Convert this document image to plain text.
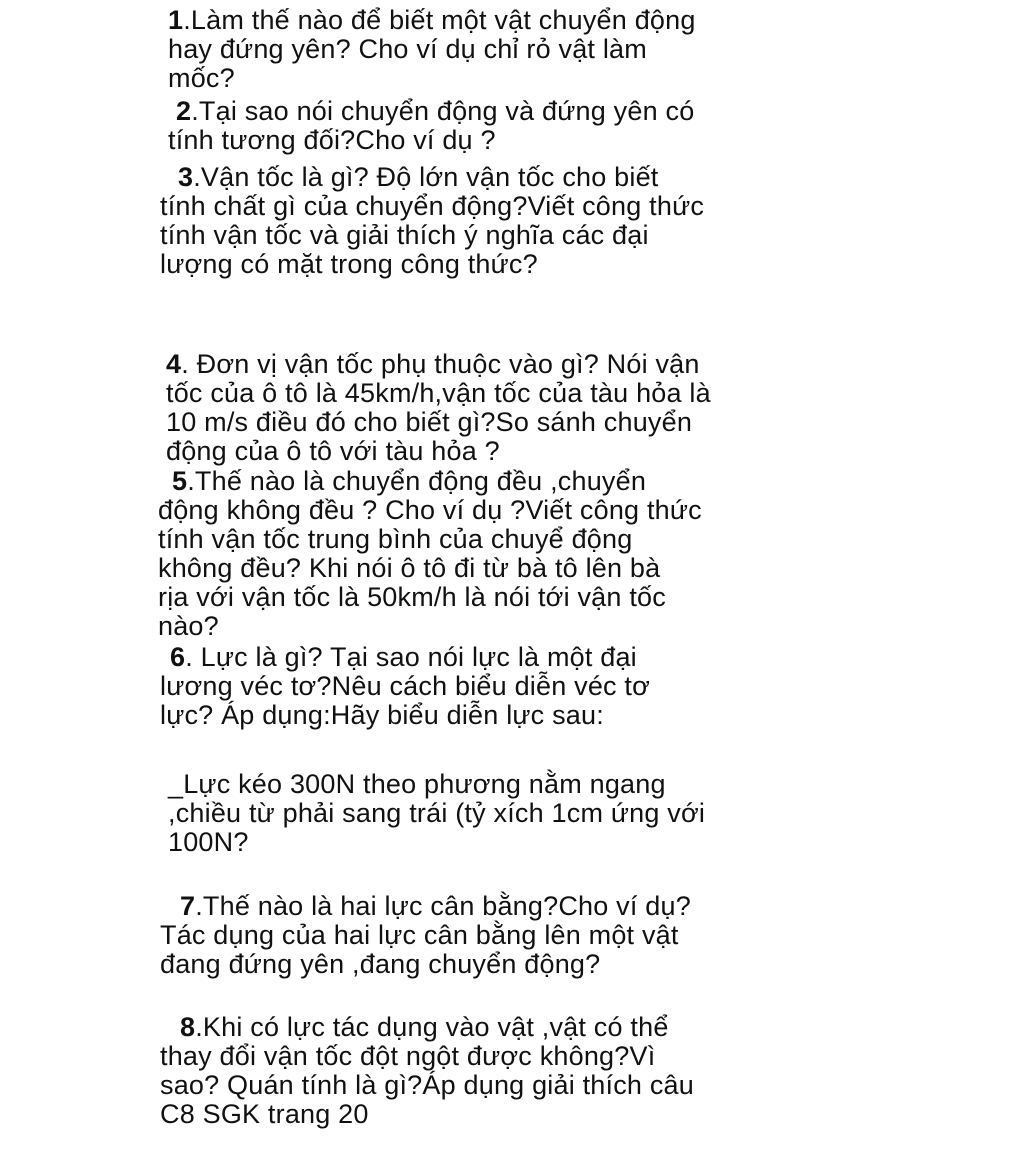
1.Làm thế nào để biết một vật chuyển động
hay đứng yên? Cho ví dụ chỉ rỏ vật làm
mốc?
2.Tại sao nói chuyển động và đứng yên có
tính tương đối?Cho ví dụ ?
3.Vận tốc là gì? Độ lớn vận tốc cho biết
tính chất gì của chuyển động?Viết công thức
tính vận tốc và giải thích ý nghĩa các đại
lượng có mặt trong công thức?
4. Đơn vị vận tốc phụ thuộc vào gì? Nói vận
tốc của ô tô là 45km/h,vận tốc của tàu hỏa là
10 m/s điều đó cho biết gì?So sánh chuyển
động của ô tô với tàu hỏa ?
5.Thế nào là chuyển động đều ,chuyển
động không đều ? Cho ví dụ ?Viết công thức
tính vận tốc trung bình của chuyể động
không đều? Khi nói ô tô đi từ bà tô lên bà
rịa với vận tốc là 50km/h là nói tới vận tốc
nào?
6. Lực là gì? Tại sao nói lực là một đại
lương véc tơ?Nêu cách biểu diễn véc tơ
lực? Áp dụng:Hãy biểu diễn lực sau:
_Lực kéo 300N theo phương nằm ngang
,chiều từ phải sang trái (tỷ xích 1cm ứng với
100N?
7.Thế nào là hai lực cân bằng?Cho ví dụ?
Tác dụng của hai lực cân bằng lên một vật
đang đứng yên ,đang chuyển động?
8.Khi có lực tác dụng vào vật ,vật có thể
thay đổi vận tốc đột ngột được không?Vì
sao? Quán tính là gì?Áp dụng giải thích câu
C8 SGK trang 20
